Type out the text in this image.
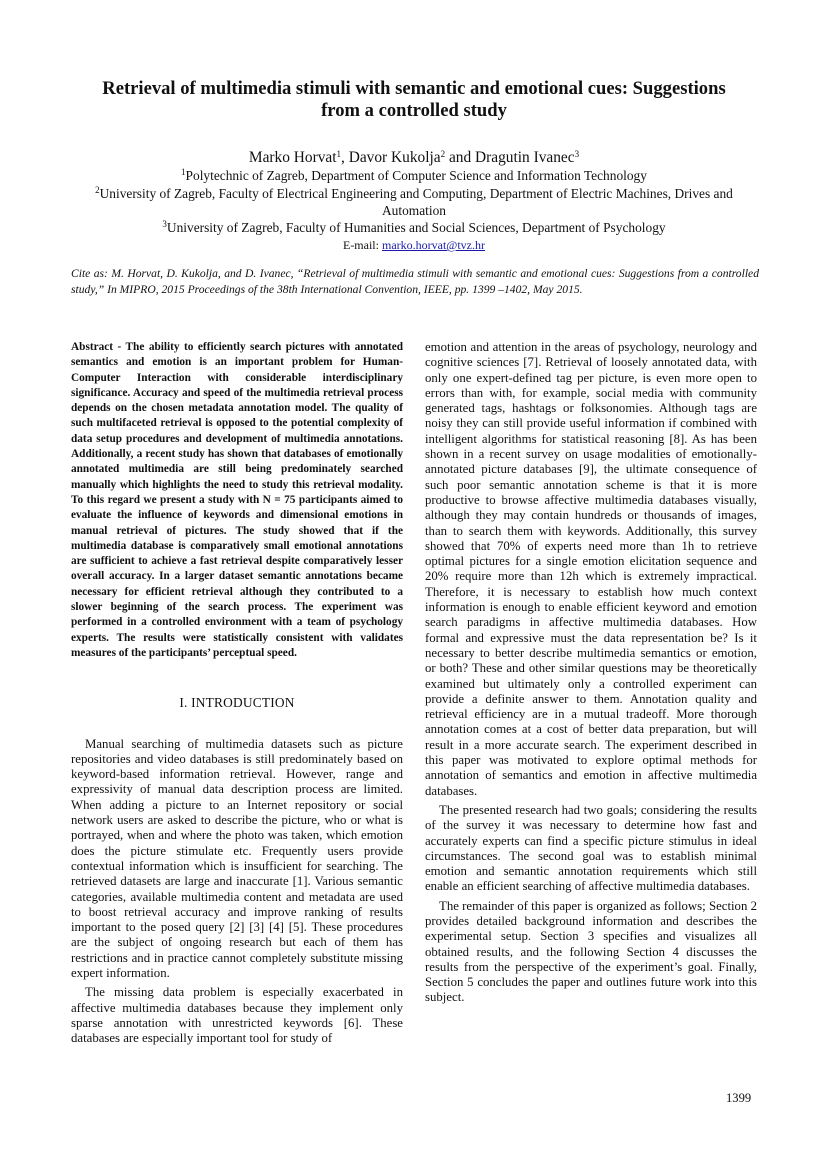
Retrieval of multimedia stimuli with semantic and emotional cues: Suggestions
from a controlled study
Marko Horvat$^1$, Davor Kukolja$^2$ and Dragutin Ivanec$^3$
$^1$Polytechnic of Zagreb, Department of Computer Science and Information Technology
$^2$University of Zagreb, Faculty of Electrical Engineering and Computing, Department of Electric Machines, Drives and Automation
$^3$University of Zagreb, Faculty of Humanities and Social Sciences, Department of Psychology
E-mail: marko.horvat@tvz.hr
Cite as: M. Horvat, D. Kukolja, and D. Ivanec, “Retrieval of multimedia stimuli with semantic and emotional cues: Suggestions from a controlled study,” In MIPRO, 2015 Proceedings of the 38th International Convention, IEEE, pp. 1399 –1402, May 2015.

Abstract - The ability to efficiently search pictures with annotated semantics and emotion is an important problem for Human-Computer Interaction with considerable interdisciplinary significance. Accuracy and speed of the multimedia retrieval process depends on the chosen metadata annotation model. The quality of such multifaceted retrieval is opposed to the potential complexity of data setup procedures and development of multimedia annotations. Additionally, a recent study has shown that databases of emotionally annotated multimedia are still being predominately searched manually which highlights the need to study this retrieval modality. To this regard we present a study with N = 75 participants aimed to evaluate the influence of keywords and dimensional emotions in manual retrieval of pictures. The study showed that if the multimedia database is comparatively small emotional annotations are sufficient to achieve a fast retrieval despite comparatively lesser overall accuracy. In a larger dataset semantic annotations became necessary for efficient retrieval although they contributed to a slower beginning of the search process. The experiment was performed in a controlled environment with a team of psychology experts. The results were statistically consistent with validates measures of the participants’ perceptual speed.

I. INTRODUCTION

Manual searching of multimedia datasets such as picture repositories and video databases is still predominately based on keyword-based information retrieval. However, range and expressivity of manual data description process are limited. When adding a picture to an Internet repository or social network users are asked to describe the picture, who or what is portrayed, when and where the photo was taken, which emotion does the picture stimulate etc. Frequently users provide contextual information which is insufficient for searching. The retrieved datasets are large and inaccurate [1]. Various semantic categories, available multimedia content and metadata are used to boost retrieval accuracy and improve ranking of results important to the posed query [2] [3] [4] [5]. These procedures are the subject of ongoing research but each of them has restrictions and in practice cannot completely substitute missing expert information.

The missing data problem is especially exacerbated in affective multimedia databases because they implement only sparse annotation with unrestricted keywords [6]. These databases are especially important tool for study of

emotion and attention in the areas of psychology, neurology and cognitive sciences [7]. Retrieval of loosely annotated data, with only one expert-defined tag per picture, is even more open to errors than with, for example, social media with community generated tags, hashtags or folksonomies. Although tags are noisy they can still provide useful information if combined with intelligent algorithms for statistical reasoning [8]. As has been shown in a recent survey on usage modalities of emotionally-annotated picture databases [9], the ultimate consequence of such poor semantic annotation scheme is that it is more productive to browse affective multimedia databases visually, although they may contain hundreds or thousands of images, than to search them with keywords. Additionally, this survey showed that 70% of experts need more than 1h to retrieve optimal pictures for a single emotion elicitation sequence and 20% require more than 12h which is extremely impractical. Therefore, it is necessary to establish how much context information is enough to enable efficient keyword and emotion search paradigms in affective multimedia databases. How formal and expressive must the data representation be? Is it necessary to better describe multimedia semantics or emotion, or both? These and other similar questions may be theoretically examined but ultimately only a controlled experiment can provide a definite answer to them. Annotation quality and retrieval efficiency are in a mutual tradeoff. More thorough annotation comes at a cost of better data preparation, but will result in a more accurate search. The experiment described in this paper was motivated to explore optimal methods for annotation of semantics and emotion in affective multimedia databases.

The presented research had two goals; considering the results of the survey it was necessary to determine how fast and accurately experts can find a specific picture stimulus in ideal circumstances. The second goal was to establish minimal emotion and semantic annotation requirements which still enable an efficient searching of affective multimedia databases.

The remainder of this paper is organized as follows; Section 2 provides detailed background information and describes the experimental setup. Section 3 specifies and visualizes all obtained results, and the following Section 4 discusses the results from the perspective of the experiment’s goal. Finally, Section 5 concludes the paper and outlines future work into this subject.

1399
